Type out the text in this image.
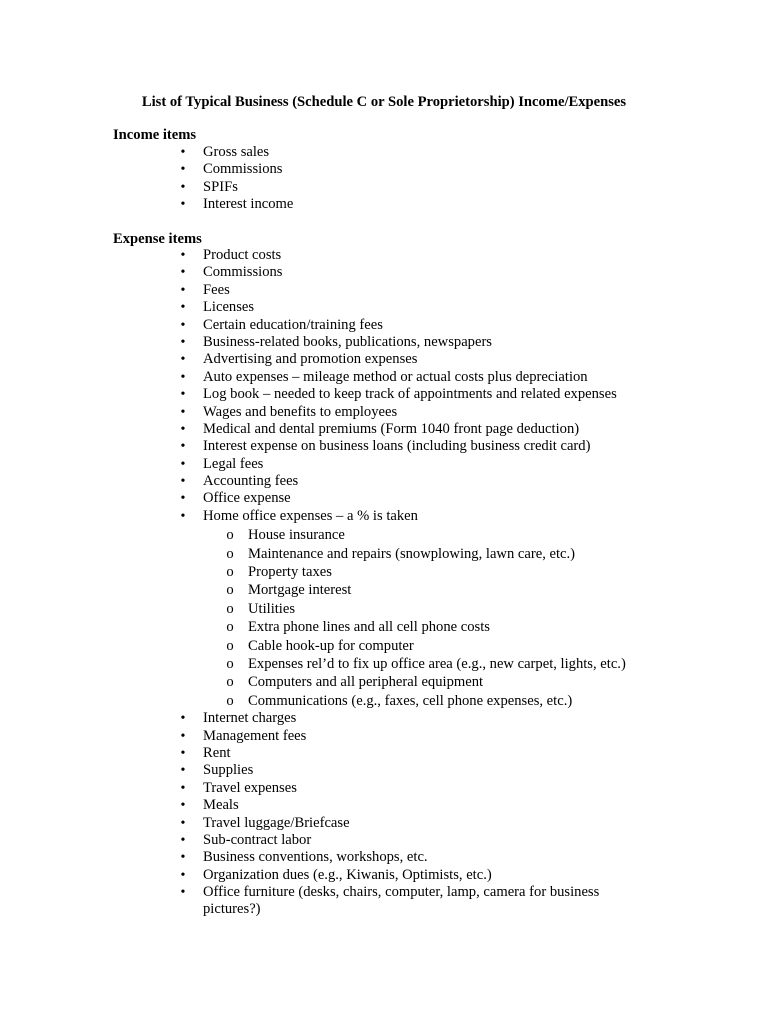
List of Typical Business (Schedule C or Sole Proprietorship) Income/Expenses
Income items
• Gross sales
• Commissions
• SPIFs
• Interest income
Expense items
• Product costs
• Commissions
• Fees
• Licenses
• Certain education/training fees
• Business-related books, publications, newspapers
• Advertising and promotion expenses
• Auto expenses – mileage method or actual costs plus depreciation
• Log book – needed to keep track of appointments and related expenses
• Wages and benefits to employees
• Medical and dental premiums (Form 1040 front page deduction)
• Interest expense on business loans (including business credit card)
• Legal fees
• Accounting fees
• Office expense
• Home office expenses – a % is taken
o House insurance
o Maintenance and repairs (snowplowing, lawn care, etc.)
o Property taxes
o Mortgage interest
o Utilities
o Extra phone lines and all cell phone costs
o Cable hook-up for computer
o Expenses rel’d to fix up office area (e.g., new carpet, lights, etc.)
o Computers and all peripheral equipment
o Communications (e.g., faxes, cell phone expenses, etc.)
• Internet charges
• Management fees
• Rent
• Supplies
• Travel expenses
• Meals
• Travel luggage/Briefcase
• Sub-contract labor
• Business conventions, workshops, etc.
• Organization dues (e.g., Kiwanis, Optimists, etc.)
• Office furniture (desks, chairs, computer, lamp, camera for business pictures?)
